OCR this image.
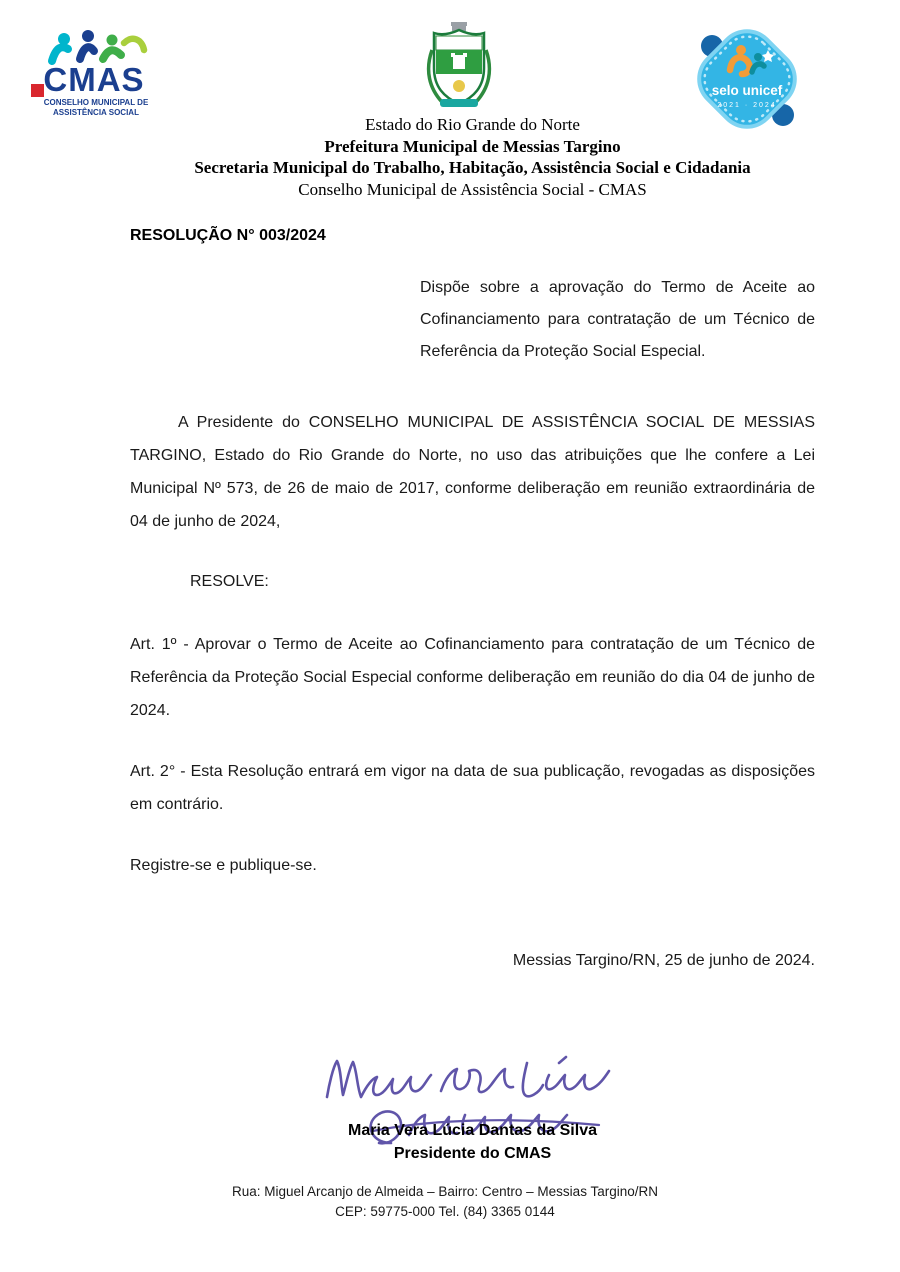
CMAS
CONSELHO MUNICIPAL DE
ASSISTÊNCIA SOCIAL
selo unicef
2021 · 2024
Estado do Rio Grande do Norte
Prefeitura Municipal de Messias Targino
Secretaria Municipal do Trabalho, Habitação, Assistência Social e Cidadania
Conselho Municipal de Assistência Social - CMAS

RESOLUÇÃO N° 003/2024

Dispõe sobre a aprovação do Termo de Aceite ao Cofinanciamento para contratação de um Técnico de Referência da Proteção Social Especial.

A Presidente do CONSELHO MUNICIPAL DE ASSISTÊNCIA SOCIAL DE MESSIAS TARGINO, Estado do Rio Grande do Norte, no uso das atribuições que lhe confere a Lei Municipal Nº 573, de 26 de maio de 2017, conforme deliberação em reunião extraordinária de 04 de junho de 2024,

RESOLVE:

Art. 1º - Aprovar o Termo de Aceite ao Cofinanciamento para contratação de um Técnico de Referência da Proteção Social Especial conforme deliberação em reunião do dia 04 de junho de 2024.

Art. 2° - Esta Resolução entrará em vigor na data de sua publicação, revogadas as disposições em contrário.

Registre-se e publique-se.

Messias Targino/RN, 25 de junho de 2024.

Maria Vera Lúcia Dantas da Silva

Presidente do CMAS

Rua: Miguel Arcanjo de Almeida – Bairro: Centro – Messias Targino/RN
CEP: 59775-000 Tel. (84) 3365 0144
